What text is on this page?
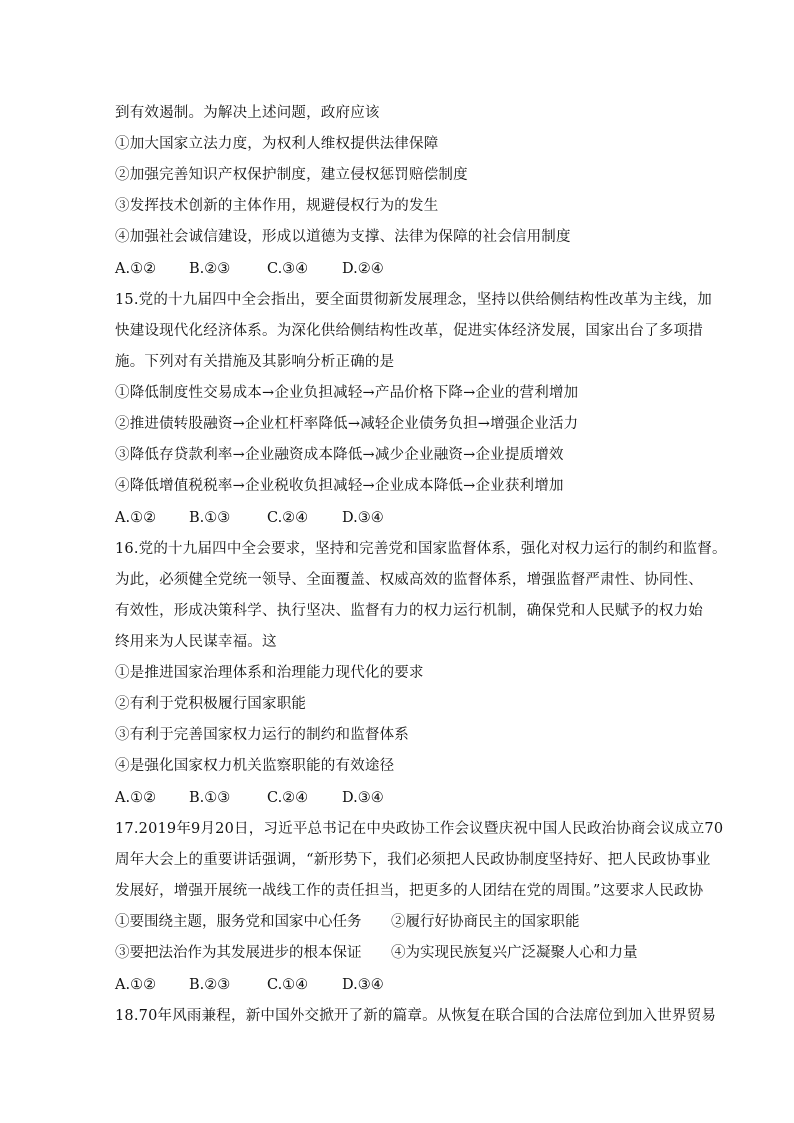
到有效遏制。为解决上述问题，政府应该
①加大国家立法力度，为权利人维权提供法律保障
②加强完善知识产权保护制度，建立侵权惩罚赔偿制度
③发挥技术创新的主体作用，规避侵权行为的发生
④加强社会诚信建设，形成以道德为支撑、法律为保障的社会信用制度
A.①② B.②③	C.③④ D.②④
15.党的十九届四中全会指出，要全面贯彻新发展理念，坚持以供给侧结构性改革为主线，加
快建设现代化经济体系。为深化供给侧结构性改革，促进实体经济发展，国家出台了多项措
施。下列对有关措施及其影响分析正确的是
①降低制度性交易成本→企业负担减轻→产品价格下降→企业的营利增加
②推进债转股融资→企业杠杆率降低→减轻企业债务负担→增强企业活力
③降低存贷款利率→企业融资成本降低→减少企业融资→企业提质增效
④降低增值税税率→企业税收负担减轻→企业成本降低→企业获利增加
A.①② B.①③	C.②④ D.③④
16.党的十九届四中全会要求，坚持和完善党和国家监督体系，强化对权力运行的制约和监督。
为此，必须健全党统一领导、全面覆盖、权威高效的监督体系，增强监督严肃性、协同性、
有效性，形成决策科学、执行坚决、监督有力的权力运行机制，确保党和人民赋予的权力始
终用来为人民谋幸福。这
①是推进国家治理体系和治理能力现代化的要求
②有利于党积极履行国家职能
③有利于完善国家权力运行的制约和监督体系
④是强化国家权力机关监察职能的有效途径
A.①② B.①③	C.②④ D.③④
17.2019年9月20日，习近平总书记在中央政协工作会议暨庆祝中国人民政治协商会议成立70
周年大会上的重要讲话强调，“新形势下，我们必须把人民政协制度坚持好、把人民政协事业
发展好，增强开展统一战线工作的责任担当，把更多的人团结在党的周围。”这要求人民政协
①要围绕主题，服务党和国家中心任务 ②履行好协商民主的国家职能
③要把法治作为其发展进步的根本保证 ④为实现民族复兴广泛凝聚人心和力量
A.①② B.②③	C.①④ D.③④
18.70年风雨兼程，新中国外交掀开了新的篇章。从恢复在联合国的合法席位到加入世界贸易
